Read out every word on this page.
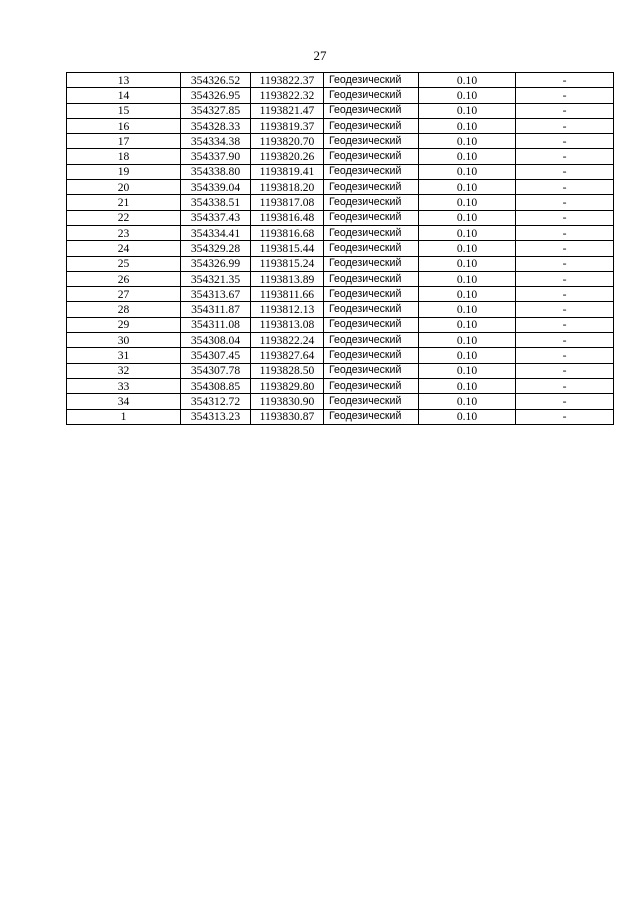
27
13	354326.52	1193822.37	Геодезический	0.10	-
14	354326.95	1193822.32	Геодезический	0.10	-
15	354327.85	1193821.47	Геодезический	0.10	-
16	354328.33	1193819.37	Геодезический	0.10	-
17	354334.38	1193820.70	Геодезический	0.10	-
18	354337.90	1193820.26	Геодезический	0.10	-
19	354338.80	1193819.41	Геодезический	0.10	-
20	354339.04	1193818.20	Геодезический	0.10	-
21	354338.51	1193817.08	Геодезический	0.10	-
22	354337.43	1193816.48	Геодезический	0.10	-
23	354334.41	1193816.68	Геодезический	0.10	-
24	354329.28	1193815.44	Геодезический	0.10	-
25	354326.99	1193815.24	Геодезический	0.10	-
26	354321.35	1193813.89	Геодезический	0.10	-
27	354313.67	1193811.66	Геодезический	0.10	-
28	354311.87	1193812.13	Геодезический	0.10	-
29	354311.08	1193813.08	Геодезический	0.10	-
30	354308.04	1193822.24	Геодезический	0.10	-
31	354307.45	1193827.64	Геодезический	0.10	-
32	354307.78	1193828.50	Геодезический	0.10	-
33	354308.85	1193829.80	Геодезический	0.10	-
34	354312.72	1193830.90	Геодезический	0.10	-
1	354313.23	1193830.87	Геодезический	0.10	-
